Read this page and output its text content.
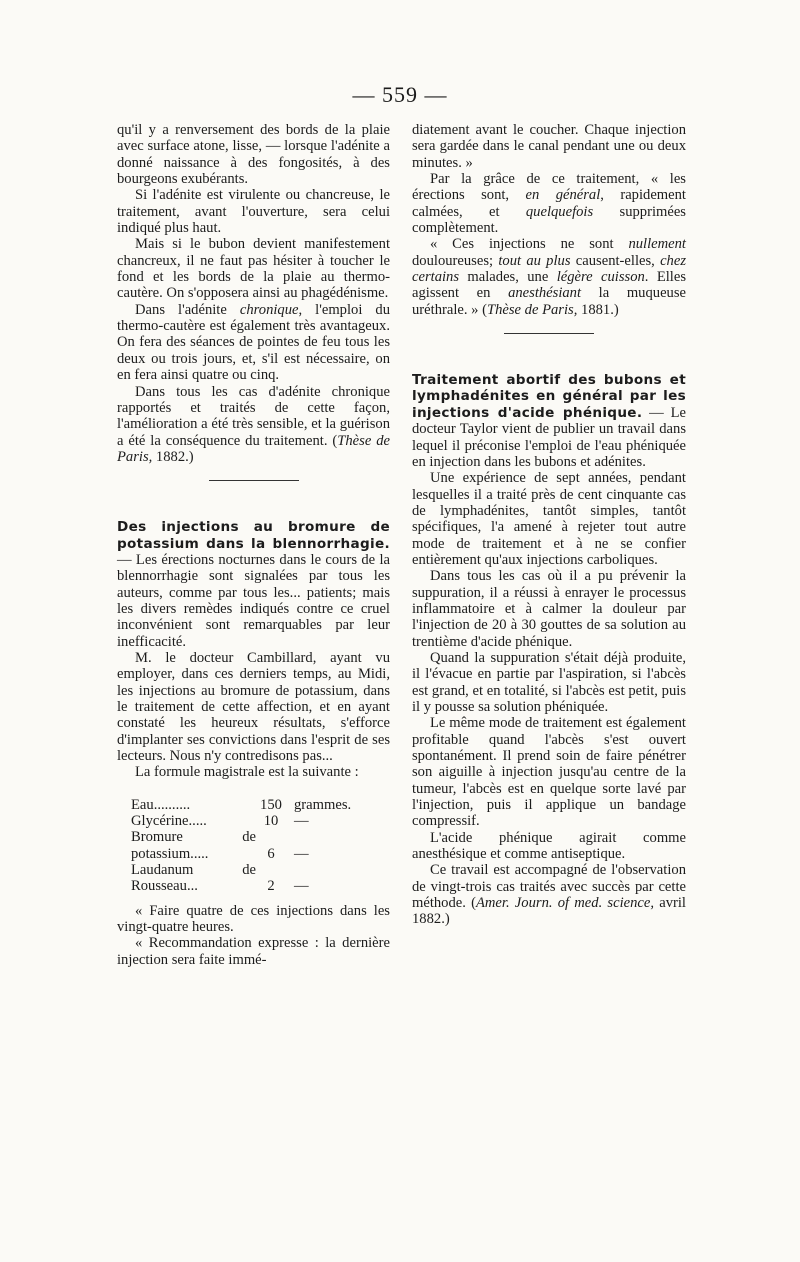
— 559 —

qu'il y a renversement des bords de la plaie avec surface atone, lisse, — lorsque l'adénite a donné naissance à des fongosités, à des bourgeons exubérants.

Si l'adénite est virulente ou chancreuse, le traitement, avant l'ouverture, sera celui indiqué plus haut.

Mais si le bubon devient manifestement chancreux, il ne faut pas hésiter à toucher le fond et les bords de la plaie au thermo-cautère. On s'opposera ainsi au phagédénisme.

Dans l'adénite chronique, l'emploi du thermo-cautère est également très avantageux. On fera des séances de pointes de feu tous les deux ou trois jours, et, s'il est nécessaire, on en fera ainsi quatre ou cinq.

Dans tous les cas d'adénite chronique rapportés et traités de cette façon, l'amélioration a été très sensible, et la guérison a été la conséquence du traitement. (Thèse de Paris, 1882.)

Des injections au bromure de potassium dans la blennorrhagie. — Les érections nocturnes dans le cours de la blennorrhagie sont signalées par tous les auteurs, comme par tous les... patients; mais les divers remèdes indiqués contre ce cruel inconvénient sont remarquables par leur inefficacité.

M. le docteur Cambillard, ayant vu employer, dans ces derniers temps, au Midi, les injections au bromure de potassium, dans le traitement de cette affection, et en ayant constaté les heureux résultats, s'efforce d'implanter ses convictions dans l'esprit de ses lecteurs. Nous n'y contredisons pas...

La formule magistrale est la suivante :

Eau..........	150	grammes.
Glycérine.....	10	—
Bromure de potassium.....	6	—
Laudanum de Rousseau...	2	—

« Faire quatre de ces injections dans les vingt-quatre heures.

« Recommandation expresse : la dernière injection sera faite immé-

diatement avant le coucher. Chaque injection sera gardée dans le canal pendant une ou deux minutes. »

Par la grâce de ce traitement, « les érections sont, en général, rapidement calmées, et quelquefois supprimées complètement.

« Ces injections ne sont nullement douloureuses; tout au plus causent-elles, chez certains malades, une légère cuisson. Elles agissent en anesthésiant la muqueuse uréthrale. » (Thèse de Paris, 1881.)

Traitement abortif des bubons et lymphadénites en général par les injections d'acide phénique. — Le docteur Taylor vient de publier un travail dans lequel il préconise l'emploi de l'eau phéniquée en injection dans les bubons et adénites.

Une expérience de sept années, pendant lesquelles il a traité près de cent cinquante cas de lymphadénites, tantôt simples, tantôt spécifiques, l'a amené à rejeter tout autre mode de traitement et à ne se confier entièrement qu'aux injections carboliques.

Dans tous les cas où il a pu prévenir la suppuration, il a réussi à enrayer le processus inflammatoire et à calmer la douleur par l'injection de 20 à 30 gouttes de sa solution au trentième d'acide phénique.

Quand la suppuration s'était déjà produite, il l'évacue en partie par l'aspiration, si l'abcès est grand, et en totalité, si l'abcès est petit, puis il y pousse sa solution phéniquée.

Le même mode de traitement est également profitable quand l'abcès s'est ouvert spontanément. Il prend soin de faire pénétrer son aiguille à injection jusqu'au centre de la tumeur, l'abcès est en quelque sorte lavé par l'injection, puis il applique un bandage compressif.

L'acide phénique agirait comme anesthésique et comme antiseptique.

Ce travail est accompagné de l'observation de vingt-trois cas traités avec succès par cette méthode. (Amer. Journ. of med. science, avril 1882.)
